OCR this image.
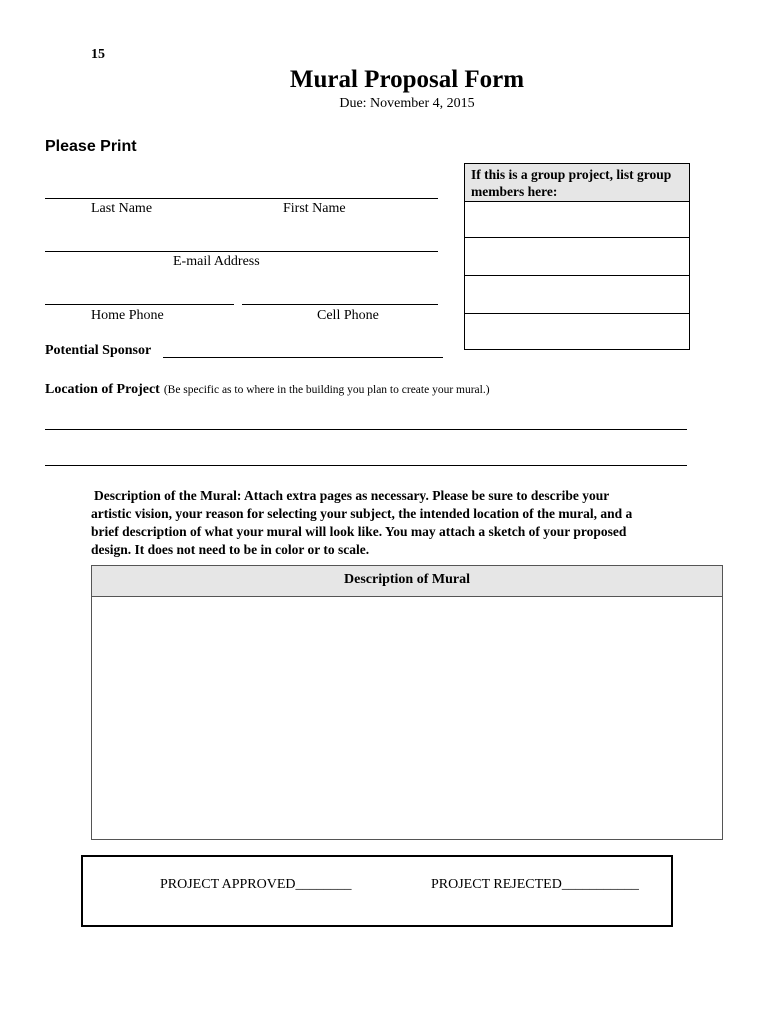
15
Mural Proposal Form
Due: November 4, 2015
Please Print
Last Name	First Name
E-mail Address
Home Phone	Cell Phone
Potential Sponsor
If this is a group project, list group
members here:
Location of Project (Be specific as to where in the building you plan to create your mural.)
Description of the Mural: Attach extra pages as necessary. Please be sure to describe your
artistic vision, your reason for selecting your subject, the intended location of the mural, and a
brief description of what your mural will look like. You may attach a sketch of your proposed
design. It does not need to be in color or to scale.
Description of Mural
PROJECT APPROVED________	PROJECT REJECTED___________
